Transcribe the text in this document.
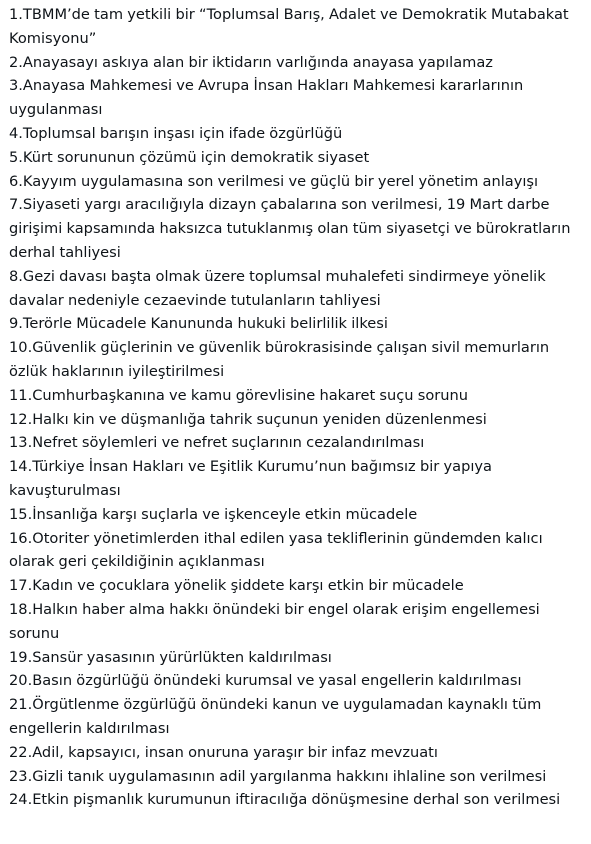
1.TBMM’de tam yetkili bir “Toplumsal Barış, Adalet ve Demokratik Mutabakat Komisyonu”
2.Anayasayı askıya alan bir iktidarın varlığında anayasa yapılamaz
3.Anayasa Mahkemesi ve Avrupa İnsan Hakları Mahkemesi kararlarının uygulanması
4.Toplumsal barışın inşası için ifade özgürlüğü
5.Kürt sorununun çözümü için demokratik siyaset
6.Kayyım uygulamasına son verilmesi ve güçlü bir yerel yönetim anlayışı
7.Siyaseti yargı aracılığıyla dizayn çabalarına son verilmesi, 19 Mart darbe girişimi kapsamında haksızca tutuklanmış olan tüm siyasetçi ve bürokratların derhal tahliyesi
8.Gezi davası başta olmak üzere toplumsal muhalefeti sindirmeye yönelik davalar nedeniyle cezaevinde tutulanların tahliyesi
9.Terörle Mücadele Kanununda hukuki belirlilik ilkesi
10.Güvenlik güçlerinin ve güvenlik bürokrasisinde çalışan sivil memurların özlük haklarının iyileştirilmesi
11.Cumhurbaşkanına ve kamu görevlisine hakaret suçu sorunu
12.Halkı kin ve düşmanlığa tahrik suçunun yeniden düzenlenmesi
13.Nefret söylemleri ve nefret suçlarının cezalandırılması
14.Türkiye İnsan Hakları ve Eşitlik Kurumu’nun bağımsız bir yapıya kavuşturulması
15.İnsanlığa karşı suçlarla ve işkenceyle etkin mücadele
16.Otoriter yönetimlerden ithal edilen yasa tekliflerinin gündemden kalıcı olarak geri çekildiğinin açıklanması
17.Kadın ve çocuklara yönelik şiddete karşı etkin bir mücadele
18.Halkın haber alma hakkı önündeki bir engel olarak erişim engellemesi sorunu
19.Sansür yasasının yürürlükten kaldırılması
20.Basın özgürlüğü önündeki kurumsal ve yasal engellerin kaldırılması
21.Örgütlenme özgürlüğü önündeki kanun ve uygulamadan kaynaklı tüm engellerin kaldırılması
22.Adil, kapsayıcı, insan onuruna yaraşır bir infaz mevzuatı
23.Gizli tanık uygulamasının adil yargılanma hakkını ihlaline son verilmesi
24.Etkin pişmanlık kurumunun iftiracılığa dönüşmesine derhal son verilmesi
